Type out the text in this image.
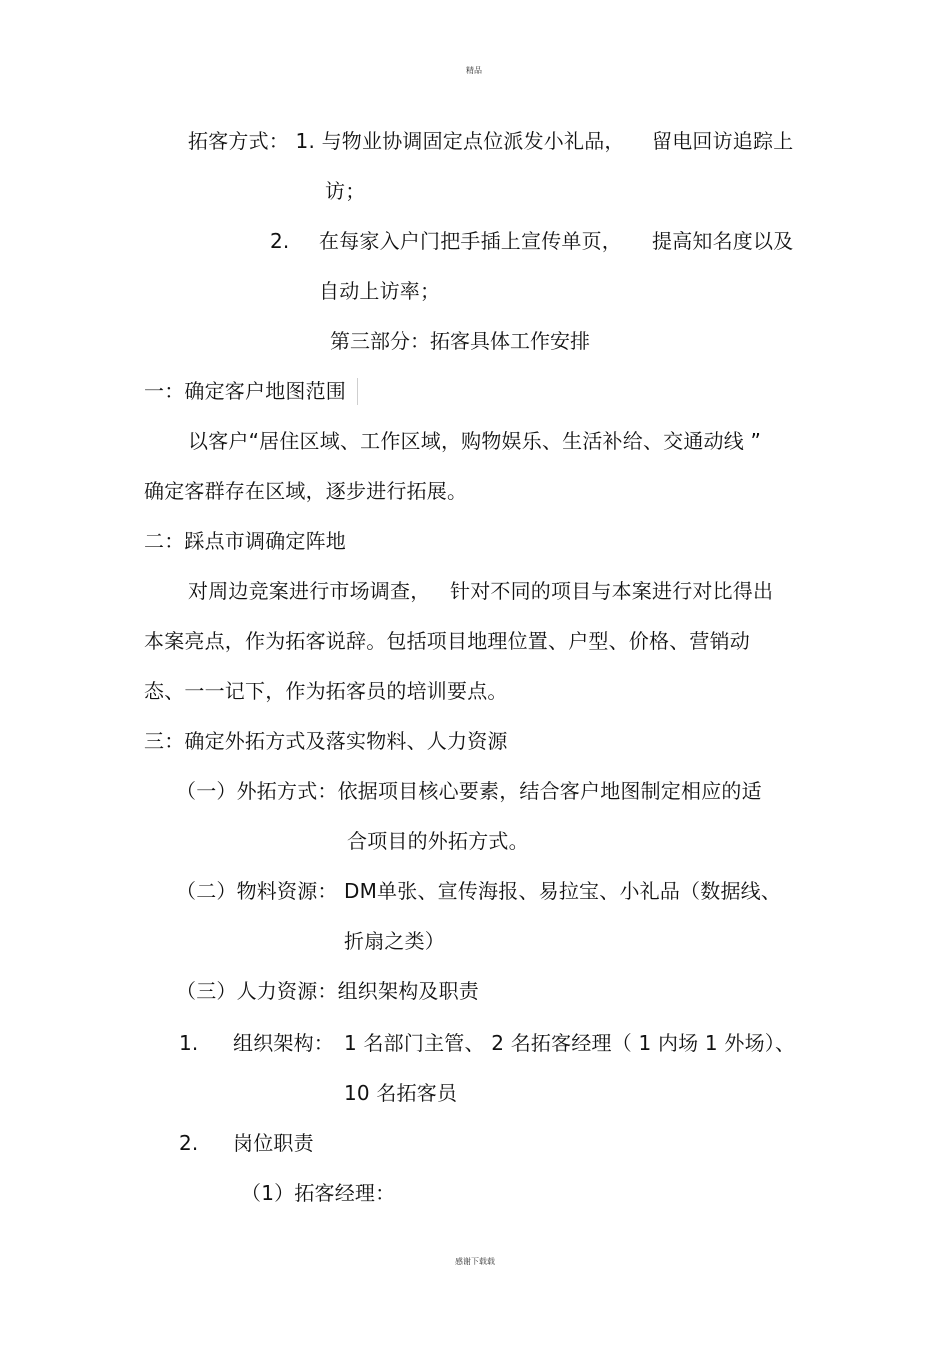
精品
拓客方式： 1. 与物业协调固定点位派发小礼品， 留电回访追踪上
访；
2. 在每家入户门把手插上宣传单页， 提高知名度以及
自动上访率；
第三部分：拓客具体工作安排
一：确定客户地图范围
以客户“居住区域、工作区域，购物娱乐、生活补给、交通动线 ”
确定客群存在区域，逐步进行拓展。
二：踩点市调确定阵地
对周边竞案进行市场调查， 针对不同的项目与本案进行对比得出
本案亮点，作为拓客说辞。包括项目地理位置、户型、价格、营销动
态、一一记下，作为拓客员的培训要点。
三：确定外拓方式及落实物料、人力资源
（一）外拓方式：依据项目核心要素，结合客户地图制定相应的适
合项目的外拓方式。
（二）物料资源： DM单张、宣传海报、易拉宝、小礼品（数据线、
折扇之类）
（三）人力资源：组织架构及职责
1. 组织架构： 1 名部门主管、 2 名拓客经理（ 1 内场 1 外场）、
10 名拓客员
2. 岗位职责
（1）拓客经理：
感谢下载载
